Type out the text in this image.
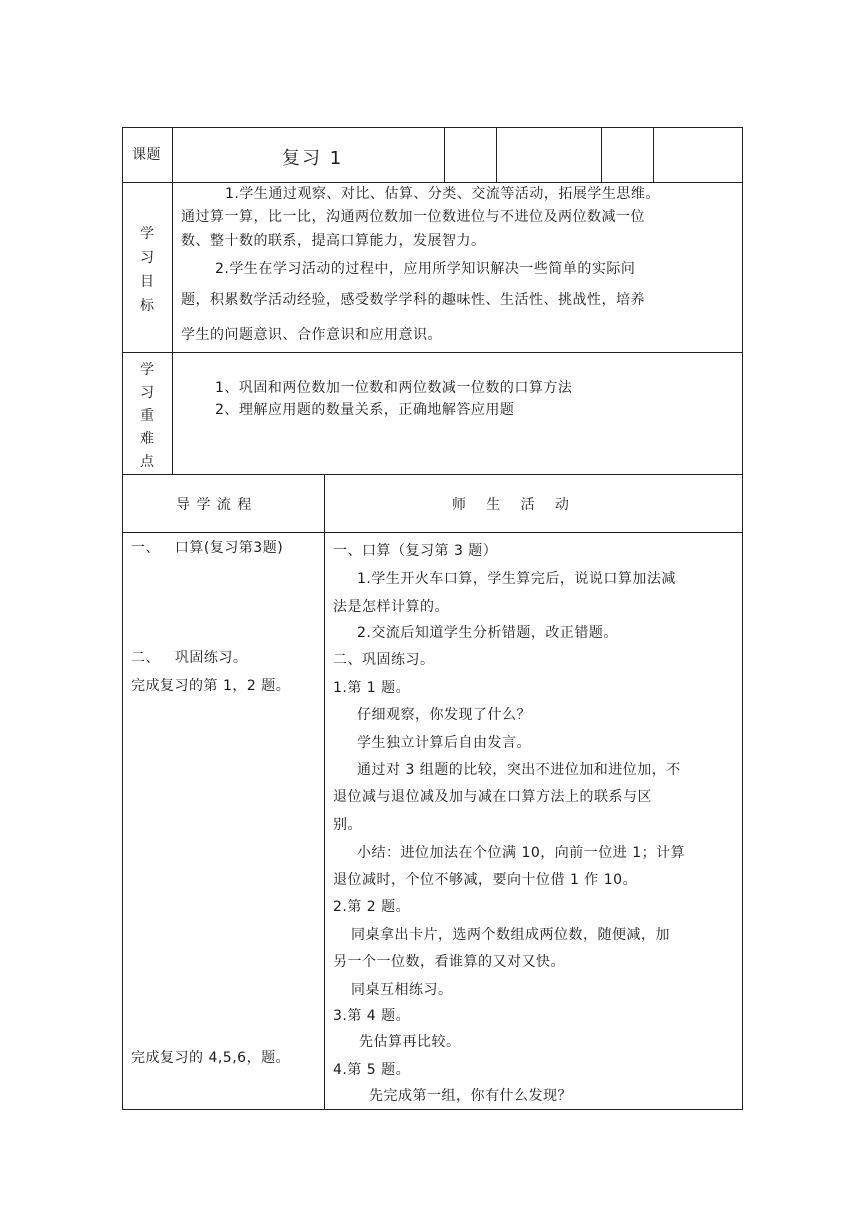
课题	复习 1
学
习
目
标
1.学生通过观察、对比、估算、分类、交流等活动，拓展学生思维。
通过算一算，比一比，沟通两位数加一位数进位与不进位及两位数减一位
数、整十数的联系，提高口算能力，发展智力。
2.学生在学习活动的过程中，应用所学知识解决一些简单的实际问
题，积累数学活动经验，感受数学学科的趣味性、生活性、挑战性，培养
学生的问题意识、合作意识和应用意识。
学
习
重
难
点
1、巩固和两位数加一位数和两位数减一位数的口算方法
2、理解应用题的数量关系，正确地解答应用题
导 学 流 程	师    生    活    动
一、   口算(复习第3题)
二、   巩固练习。
完成复习的第 1，2 题。
完成复习的 4,5,6，题。
一、口算（复习第 3 题）
1.学生开火车口算，学生算完后，说说口算加法减
法是怎样计算的。
2.交流后知道学生分析错题，改正错题。
二、巩固练习。
1.第 1 题。
仔细观察，你发现了什么？
学生独立计算后自由发言。
通过对 3 组题的比较，突出不进位加和进位加，不
退位减与退位减及加与减在口算方法上的联系与区
别。
小结：进位加法在个位满 10，向前一位进 1；计算
退位减时，个位不够减，要向十位借 1 作 10。
2.第 2 题。
同桌拿出卡片，选两个数组成两位数，随便减，加
另一个一位数，看谁算的又对又快。
同桌互相练习。
3.第 4 题。
先估算再比较。
4.第 5 题。
先完成第一组，你有什么发现？
